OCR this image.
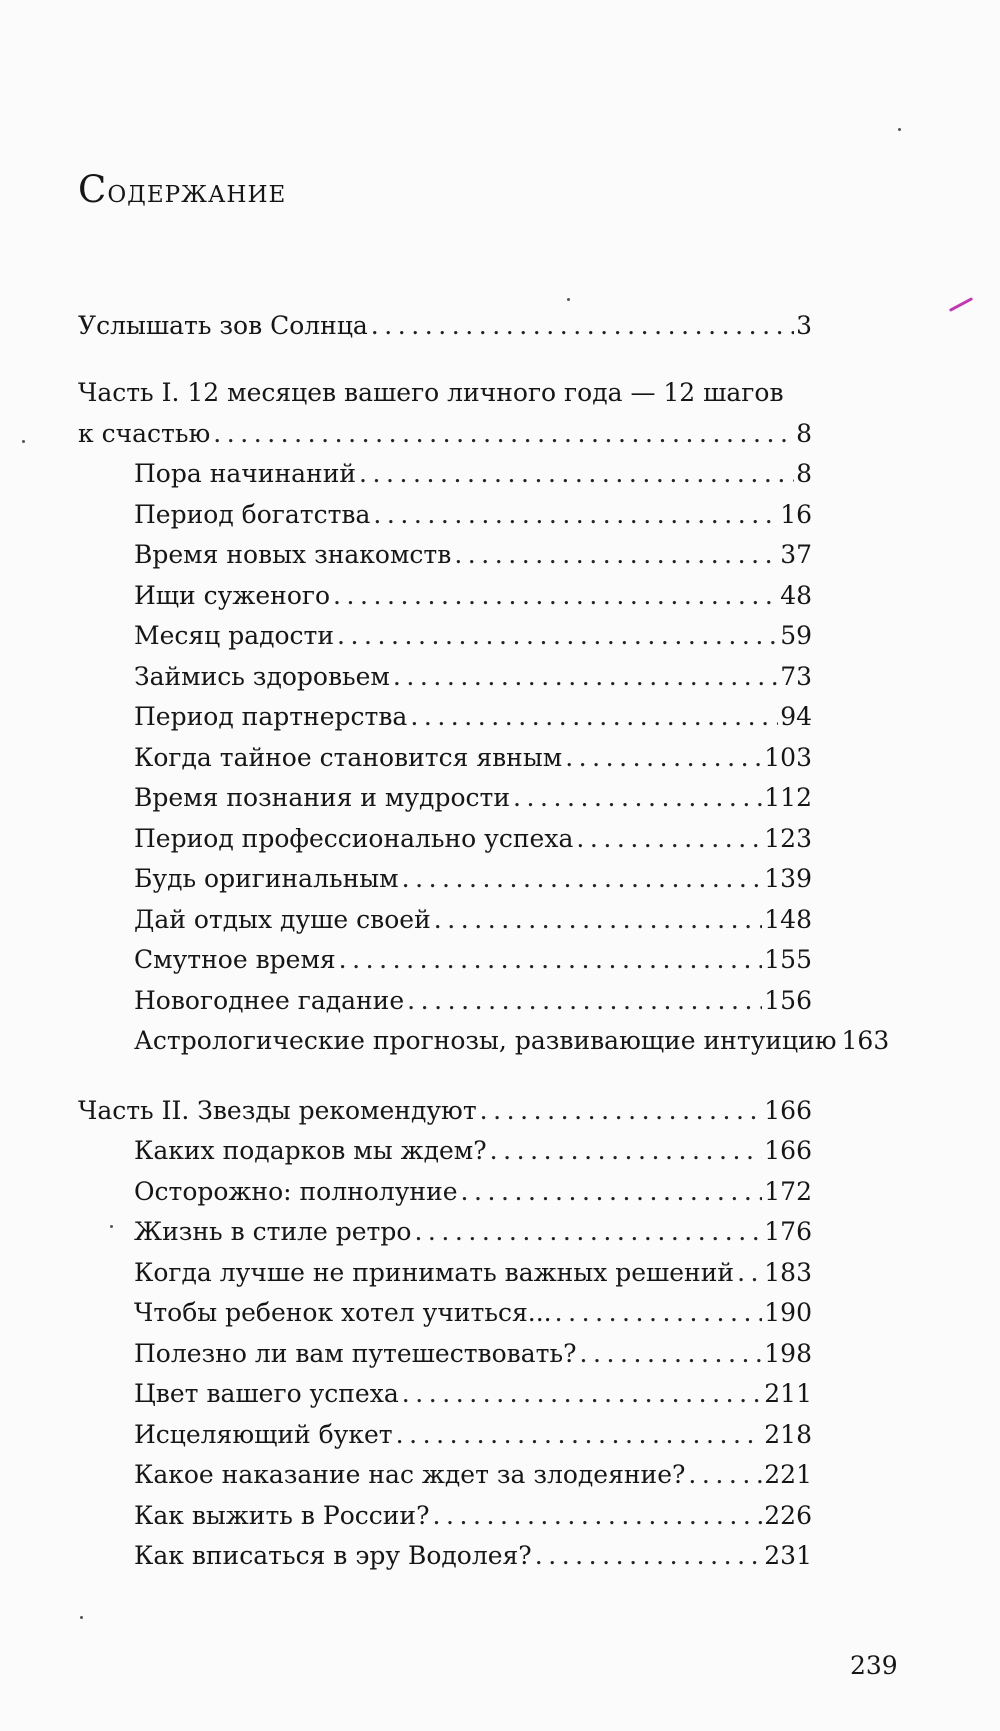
Содержание
Услышать зов Солнца . . .	3
Часть I. 12 месяцев вашего личного года — 12 шагов
к счастью . . .	8
Пора начинаний . . .	8
Период богатства . . .	16
Время новых знакомств . . .	37
Ищи суженого . . .	48
Месяц радости . . .	59
Займись здоровьем . . .	73
Период партнерства . . .	94
Когда тайное становится явным . . .	103
Время познания и мудрости . . .	112
Период профессионально успеха . . .	123
Будь оригинальным . . .	139
Дай отдых душе своей . . .	148
Смутное время . . .	155
Новогоднее гадание . . .	156
Астрологические прогнозы, развивающие интуицию 163
Часть II. Звезды рекомендуют . . .	166
Каких подарков мы ждем? . . .	166
Осторожно: полнолуние . . .	172
Жизнь в стиле ретро . . .	176
Когда лучше не принимать важных решений . . . 183
Чтобы ребенок хотел учиться... . . .	190
Полезно ли вам путешествовать? . . .	198
Цвет вашего успеха . . .	211
Исцеляющий букет . . .	218
Какое наказание нас ждет за злодеяние? . . .	221
Как выжить в России? . . .	226
Как вписаться в эру Водолея? . . .	231
239
